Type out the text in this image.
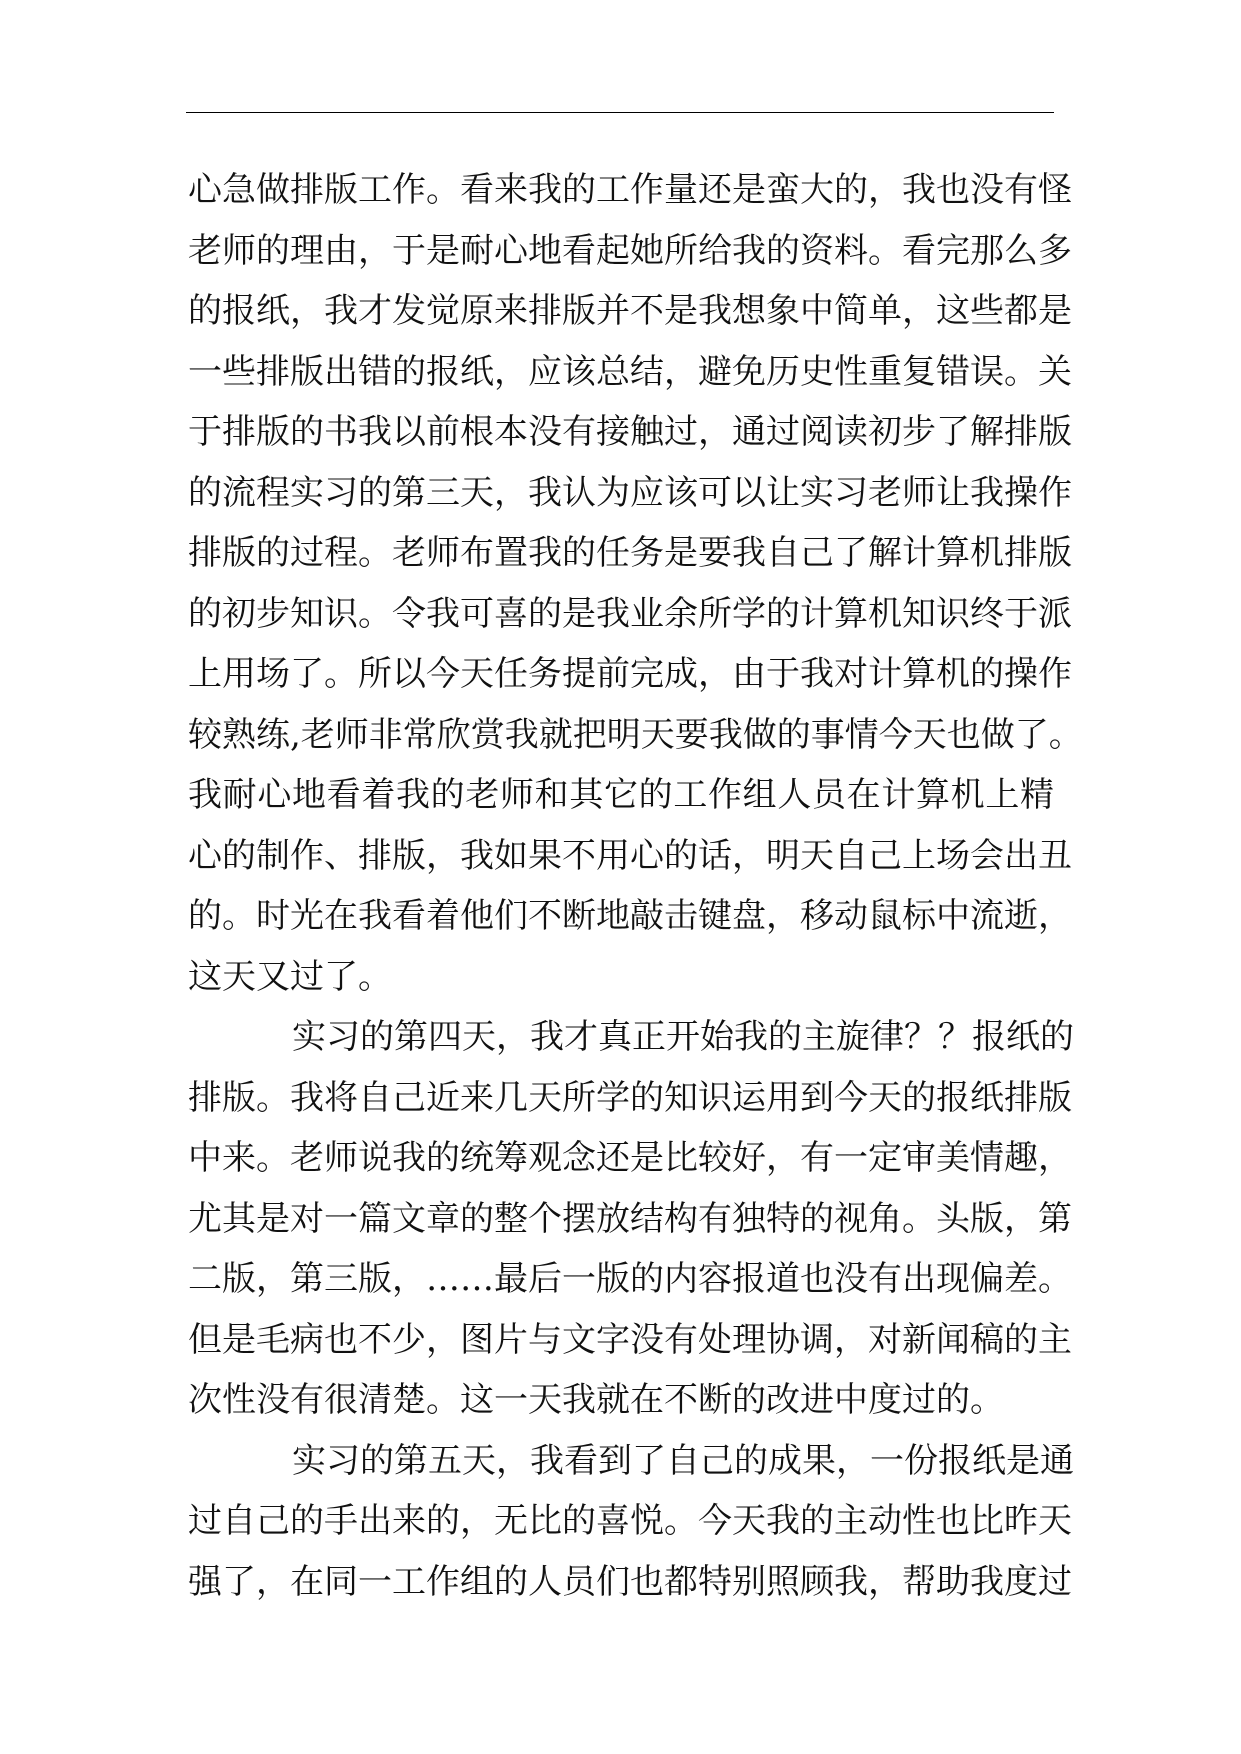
心急做排版工作。看来我的工作量还是蛮大的，我也没有怪
老师的理由，于是耐心地看起她所给我的资料。看完那么多
的报纸，我才发觉原来排版并不是我想象中简单，这些都是
一些排版出错的报纸，应该总结，避免历史性重复错误。关
于排版的书我以前根本没有接触过，通过阅读初步了解排版
的流程实习的第三天，我认为应该可以让实习老师让我操作
排版的过程。老师布置我的任务是要我自己了解计算机排版
的初步知识。令我可喜的是我业余所学的计算机知识终于派
上用场了。所以今天任务提前完成，由于我对计算机的操作
较熟练,老师非常欣赏我就把明天要我做的事情今天也做了。
我耐心地看着我的老师和其它的工作组人员在计算机上精
心的制作、排版，我如果不用心的话，明天自己上场会出丑
的。时光在我看着他们不断地敲击键盘，移动鼠标中流逝，
这天又过了。
实习的第四天，我才真正开始我的主旋律？？报纸的
排版。我将自己近来几天所学的知识运用到今天的报纸排版
中来。老师说我的统筹观念还是比较好，有一定审美情趣，
尤其是对一篇文章的整个摆放结构有独特的视角。头版，第
二版，第三版，……最后一版的内容报道也没有出现偏差。
但是毛病也不少，图片与文字没有处理协调，对新闻稿的主
次性没有很清楚。这一天我就在不断的改进中度过的。
实习的第五天，我看到了自己的成果，一份报纸是通
过自己的手出来的，无比的喜悦。今天我的主动性也比昨天
强了，在同一工作组的人员们也都特别照顾我，帮助我度过
